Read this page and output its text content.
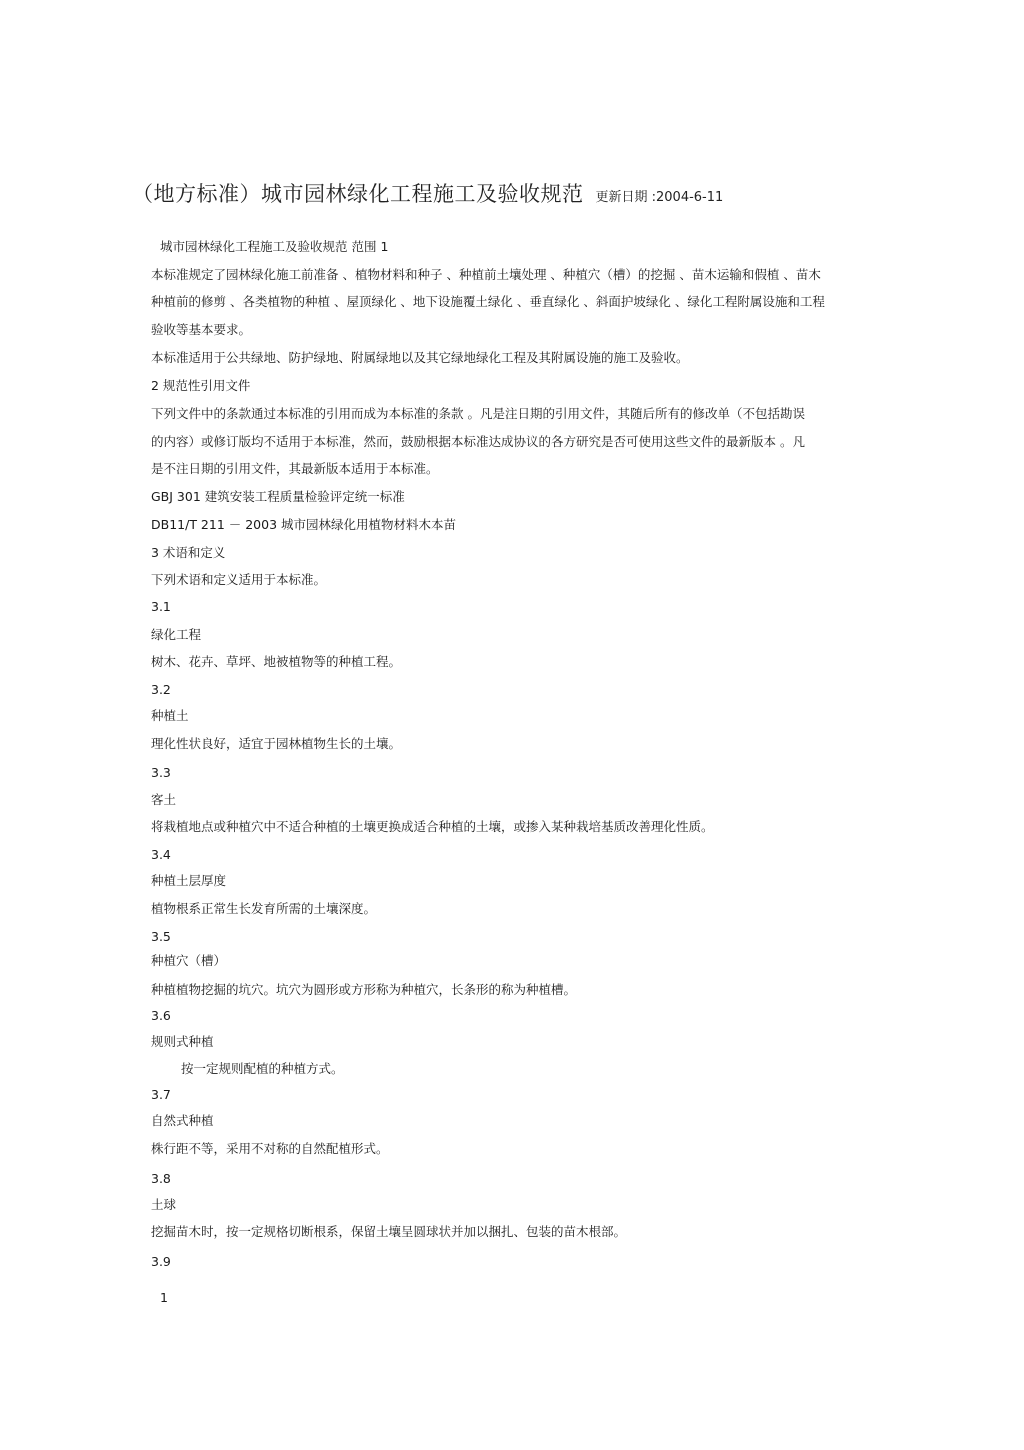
（地方标准）城市园林绿化工程施工及验收规范 更新日期 :2004-6-11
城市园林绿化工程施工及验收规范 范围 1
本标准规定了园林绿化施工前准备 、植物材料和种子 、种植前土壤处理 、种植穴（槽）的挖掘 、苗木运输和假植 、苗木
种植前的修剪 、各类植物的种植 、屋顶绿化 、地下设施覆土绿化 、垂直绿化 、斜面护坡绿化 、绿化工程附属设施和工程
验收等基本要求。
本标准适用于公共绿地、防护绿地、附属绿地以及其它绿地绿化工程及其附属设施的施工及验收。
2 规范性引用文件
下列文件中的条款通过本标准的引用而成为本标准的条款 。凡是注日期的引用文件，其随后所有的修改单（不包括勘误
的内容）或修订版均不适用于本标准，然而，鼓励根据本标准达成协议的各方研究是否可使用这些文件的最新版本 。凡
是不注日期的引用文件，其最新版本适用于本标准。
GBJ 301 建筑安装工程质量检验评定统一标准
DB11/T 211 － 2003 城市园林绿化用植物材料木本苗
3 术语和定义
下列术语和定义适用于本标准。
3.1
绿化工程
树木、花卉、草坪、地被植物等的种植工程。
3.2
种植土
理化性状良好，适宜于园林植物生长的土壤。
3.3
客土
将栽植地点或种植穴中不适合种植的土壤更换成适合种植的土壤，或掺入某种栽培基质改善理化性质。
3.4
种植土层厚度
植物根系正常生长发育所需的土壤深度。
3.5
种植穴（槽）
种植植物挖掘的坑穴。坑穴为圆形或方形称为种植穴，长条形的称为种植槽。
3.6
规则式种植
按一定规则配植的种植方式。
3.7
自然式种植
株行距不等，采用不对称的自然配植形式。
3.8
土球
挖掘苗木时，按一定规格切断根系，保留土壤呈圆球状并加以捆扎、包装的苗木根部。
3.9
1
